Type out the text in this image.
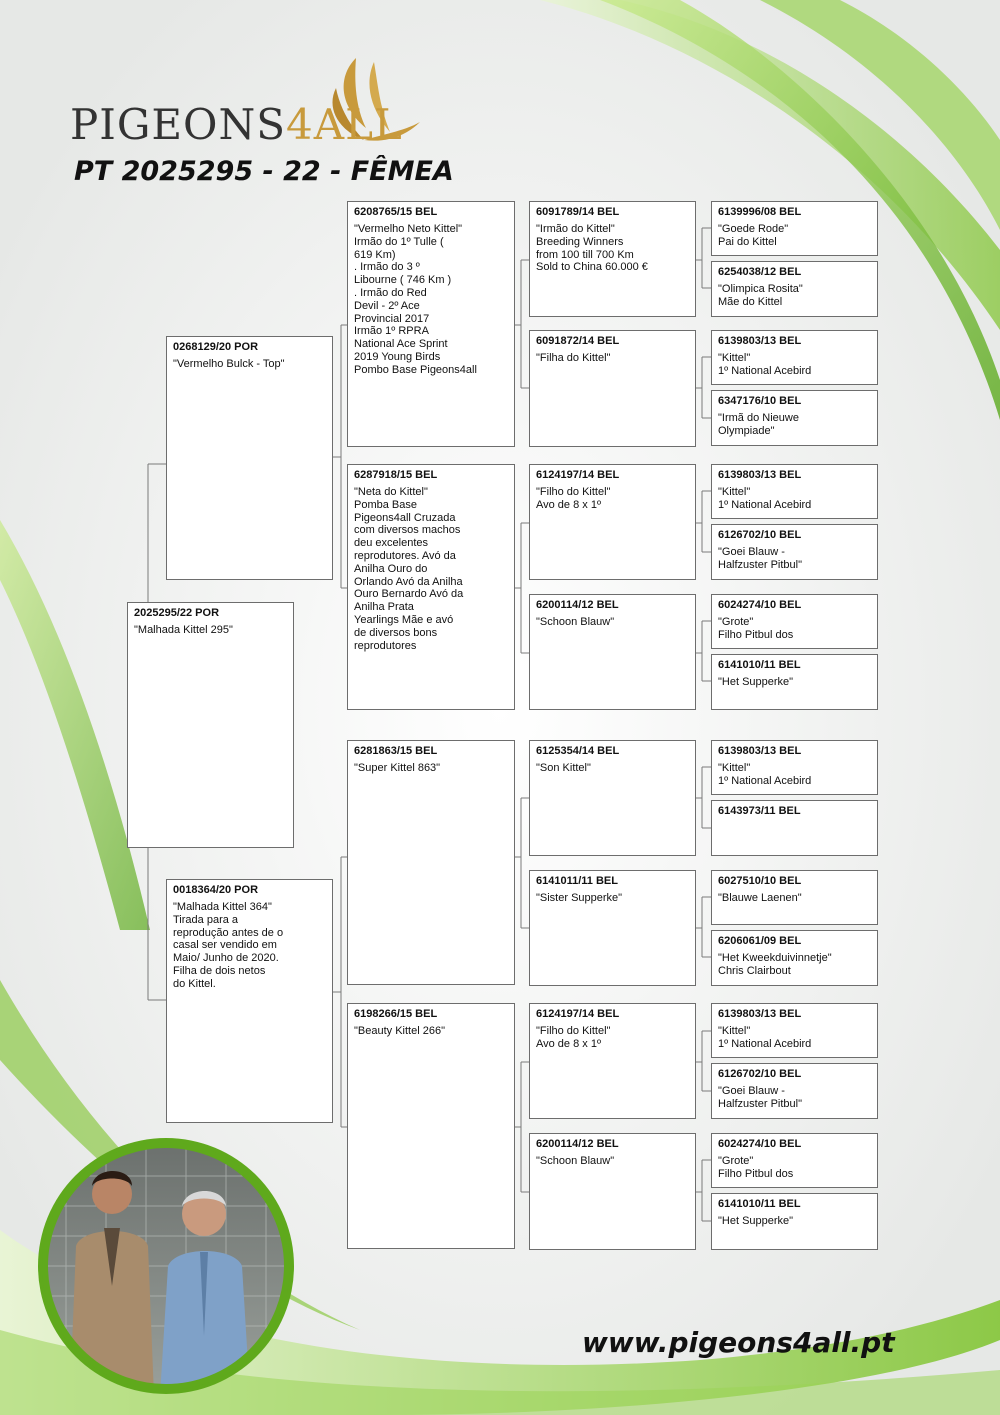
PIGEONS4ALL
PT 2025295 - 22 - FÊMEA
2025295/22 POR
"Malhada Kittel 295"
0268129/20 POR
"Vermelho Bulck - Top"
0018364/20 POR
"Malhada Kittel 364"
Tirada para a
reprodução antes de o
casal ser vendido em
Maio/ Junho de 2020.
Filha de dois netos
do Kittel.
6208765/15 BEL
"Vermelho Neto Kittel"
Irmão do 1º Tulle (
619 Km)
. Irmão do 3 º
Libourne ( 746 Km )
. Irmão do Red
Devil - 2º Ace
Provincial 2017
Irmão 1º RPRA
National Ace Sprint
2019 Young Birds
Pombo Base Pigeons4all
6287918/15 BEL
"Neta do Kittel"
Pomba Base
Pigeons4all Cruzada
com diversos machos
deu excelentes
reprodutores. Avó da
Anilha Ouro do
Orlando Avó da Anilha
Ouro Bernardo Avó da
Anilha Prata
Yearlings Mãe e avó
de diversos bons
reprodutores
6281863/15 BEL
"Super Kittel 863"
6198266/15 BEL
"Beauty Kittel 266"
6091789/14 BEL
"Irmão do Kittel"
Breeding Winners
from 100 till 700 Km
Sold to China 60.000 €
6091872/14 BEL
"Filha do Kittel"
6124197/14 BEL
"Filho do Kittel"
Avo de 8 x 1º
6200114/12 BEL
"Schoon Blauw"
6125354/14 BEL
"Son Kittel"
6141011/11 BEL
"Sister Supperke"
6124197/14 BEL
"Filho do Kittel"
Avo de 8 x 1º
6200114/12 BEL
"Schoon Blauw"
6139996/08 BEL
"Goede Rode"
Pai do Kittel
6254038/12 BEL
"Olimpica Rosita"
Mãe do Kittel
6139803/13 BEL
"Kittel"
1º National Acebird
6347176/10 BEL
"Irmã do Nieuwe
Olympiade"
6139803/13 BEL
"Kittel"
1º National Acebird
6126702/10 BEL
"Goei Blauw -
Halfzuster Pitbul"
6024274/10 BEL
"Grote"
Filho Pitbul dos
6141010/11 BEL
"Het Supperke"
6139803/13 BEL
"Kittel"
1º National Acebird
6143973/11 BEL
6027510/10 BEL
"Blauwe Laenen"
6206061/09 BEL
"Het Kweekduivinnetje"
Chris Clairbout
6139803/13 BEL
"Kittel"
1º National Acebird
6126702/10 BEL
"Goei Blauw -
Halfzuster Pitbul"
6024274/10 BEL
"Grote"
Filho Pitbul dos
6141010/11 BEL
"Het Supperke"
www.pigeons4all.pt
